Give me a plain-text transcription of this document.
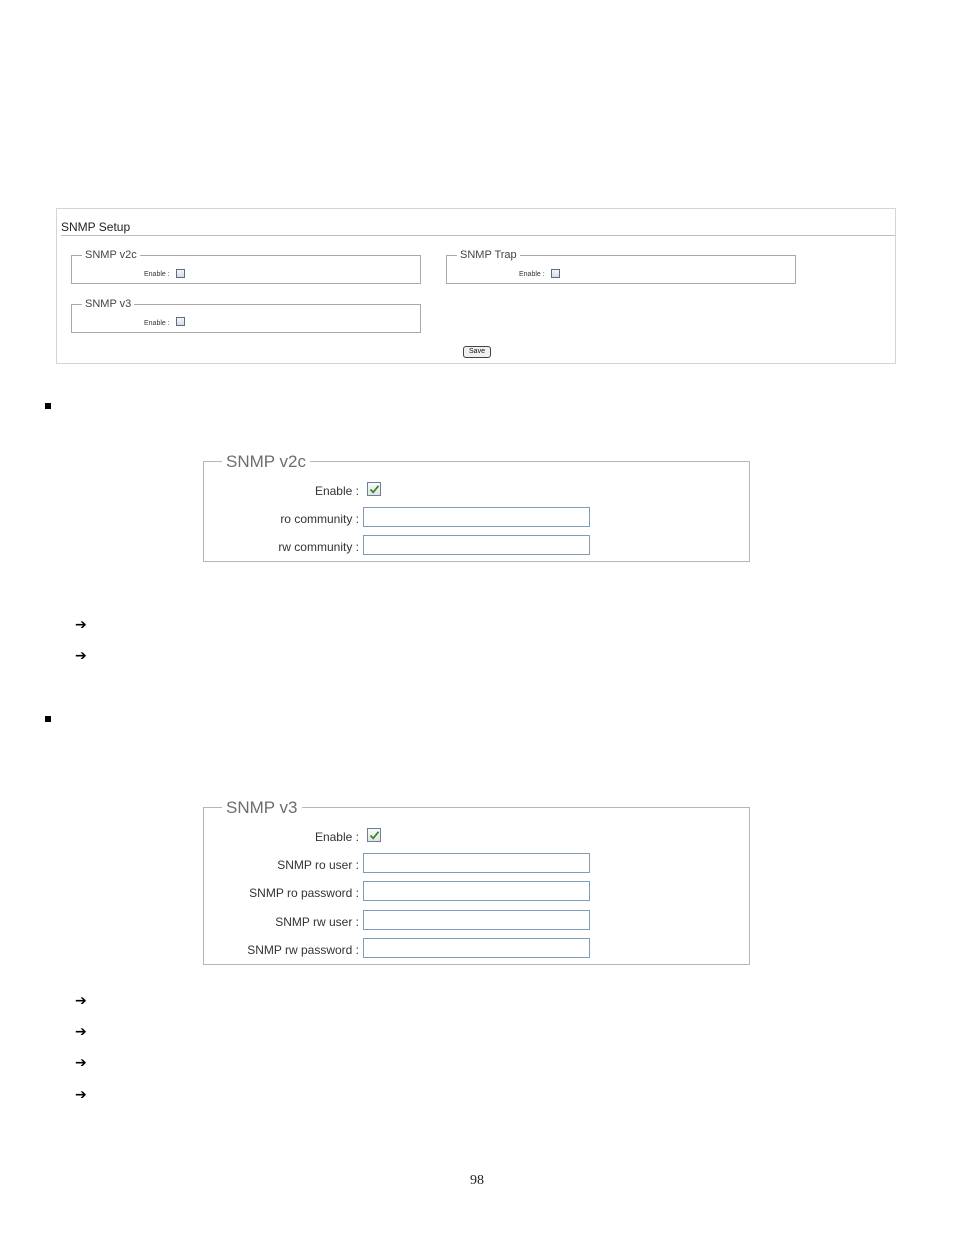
SNMP Setup
SNMP v2c
Enable :
SNMP Trap
Enable :
SNMP v3
Enable :
Save
SNMP v2c
Enable :
ro community :
rw community :
➔
➔
SNMP v3
Enable :
SNMP ro user :
SNMP ro password :
SNMP rw user :
SNMP rw password :
➔
➔
➔
➔
98
